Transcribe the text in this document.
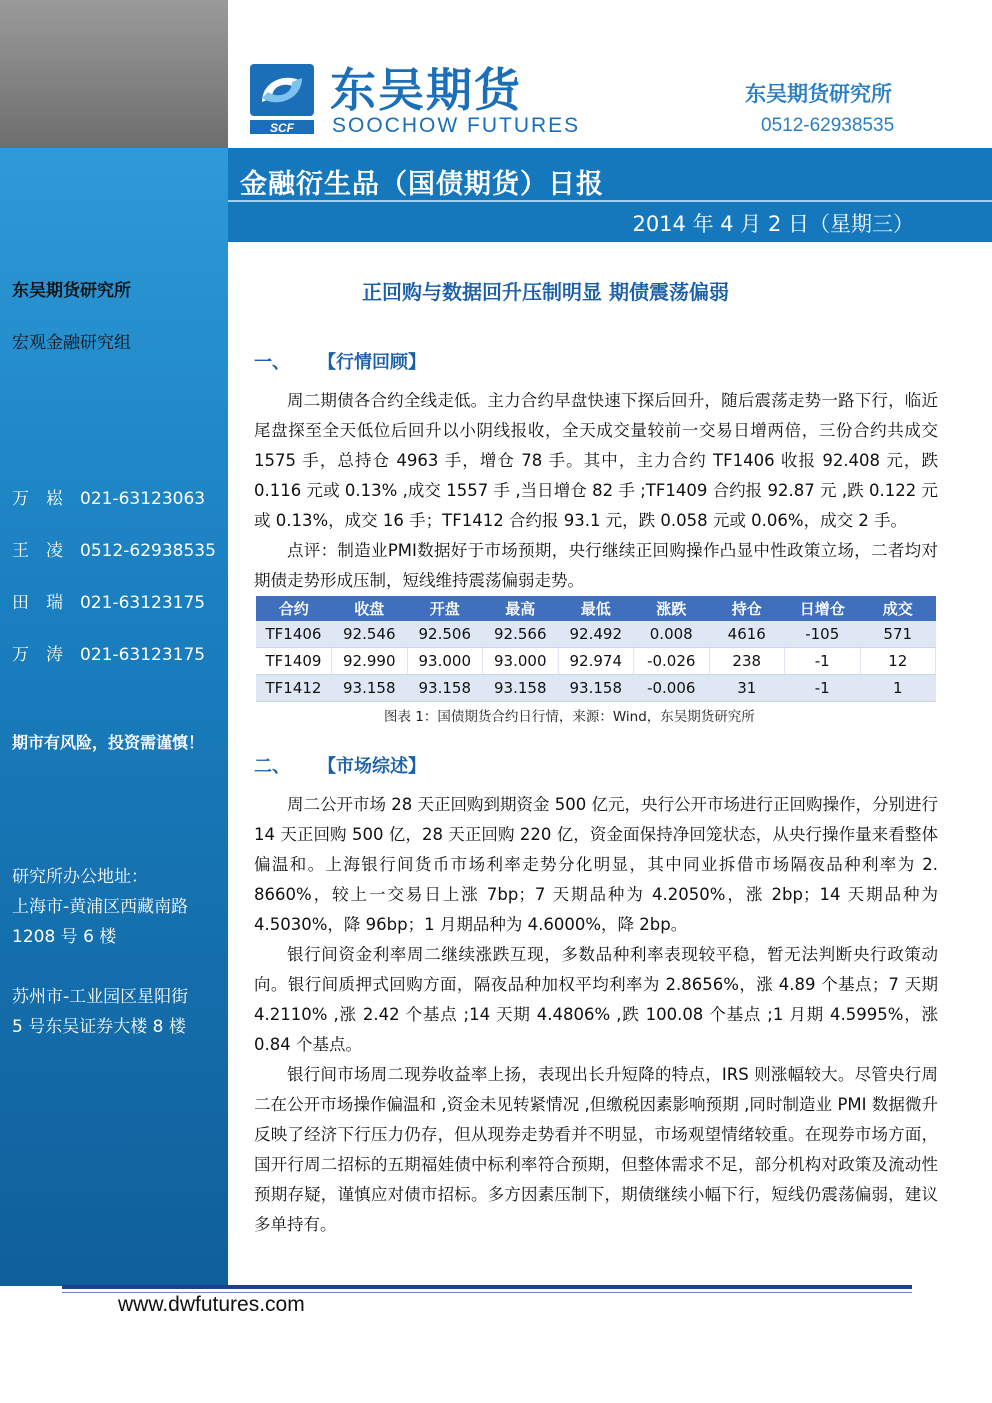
SCF
东吴期货
SOOCHOW FUTURES
东吴期货研究所
0512-62938535
金融衍生品（国债期货）日报
2014 年 4 月 2 日（星期三）
东吴期货研究所
宏观金融研究组
万　崧 021-63123063
王　凌 0512-62938535
田　瑞 021-63123175
万　涛 021-63123175
期市有风险，投资需谨慎！
研究所办公地址：
上海市-黄浦区西藏南路
1208 号 6 楼
苏州市-工业园区星阳街
5 号东吴证券大楼 8 楼
正回购与数据回升压制明显 期债震荡偏弱
一、 【行情回顾】
周二期债各合约全线走低。主力合约早盘快速下探后回升，随后震荡走势一路下行，临近尾盘探至全天低位后回升以小阴线报收，全天成交量较前一交易日增两倍，三份合约共成交 1575 手，总持仓 4963 手，增仓 78 手。其中，主力合约 TF1406 收报 92.408 元，跌 0.116 元或 0.13% ,成交 1557 手 ,当日增仓 82 手 ;TF1409 合约报 92.87 元 ,跌 0.122 元或 0.13%，成交 16 手；TF1412 合约报 93.1 元，跌 0.058 元或 0.06%，成交 2 手。
点评：制造业PMI数据好于市场预期，央行继续正回购操作凸显中性政策立场，二者均对期债走势形成压制，短线维持震荡偏弱走势。
合约	收盘	开盘	最高	最低	涨跌	持仓	日增仓	成交
TF1406	92.546	92.506	92.566	92.492	0.008	4616	-105	571
TF1409	92.990	93.000	93.000	92.974	-0.026	238	-1	12
TF1412	93.158	93.158	93.158	93.158	-0.006	31	-1	1
图表 1：国债期货合约日行情，来源：Wind，东吴期货研究所
二、 【市场综述】
周二公开市场 28 天正回购到期资金 500 亿元，央行公开市场进行正回购操作，分别进行 14 天正回购 500 亿，28 天正回购 220 亿，资金面保持净回笼状态，从央行操作量来看整体偏温和。上海银行间货币市场利率走势分化明显，其中同业拆借市场隔夜品种利率为 2. 8660%，较上一交易日上涨 7bp；7 天期品种为 4.2050%，涨 2bp；14 天期品种为 4.5030%，降 96bp；1 月期品种为 4.6000%，降 2bp。
银行间资金利率周二继续涨跌互现，多数品种利率表现较平稳，暂无法判断央行政策动向。银行间质押式回购方面，隔夜品种加权平均利率为 2.8656%，涨 4.89 个基点；7 天期 4.2110% ,涨 2.42 个基点 ;14 天期 4.4806% ,跌 100.08 个基点 ;1 月期 4.5995%，涨 0.84 个基点。
银行间市场周二现券收益率上扬，表现出长升短降的特点，IRS 则涨幅较大。尽管央行周二在公开市场操作偏温和 ,资金未见转紧情况 ,但缴税因素影响预期 ,同时制造业 PMI 数据微升反映了经济下行压力仍存，但从现券走势看并不明显，市场观望情绪较重。在现券市场方面，国开行周二招标的五期福娃债中标利率符合预期，但整体需求不足，部分机构对政策及流动性预期存疑，谨慎应对债市招标。多方因素压制下，期债继续小幅下行，短线仍震荡偏弱，建议多单持有。
www.dwfutures.com
